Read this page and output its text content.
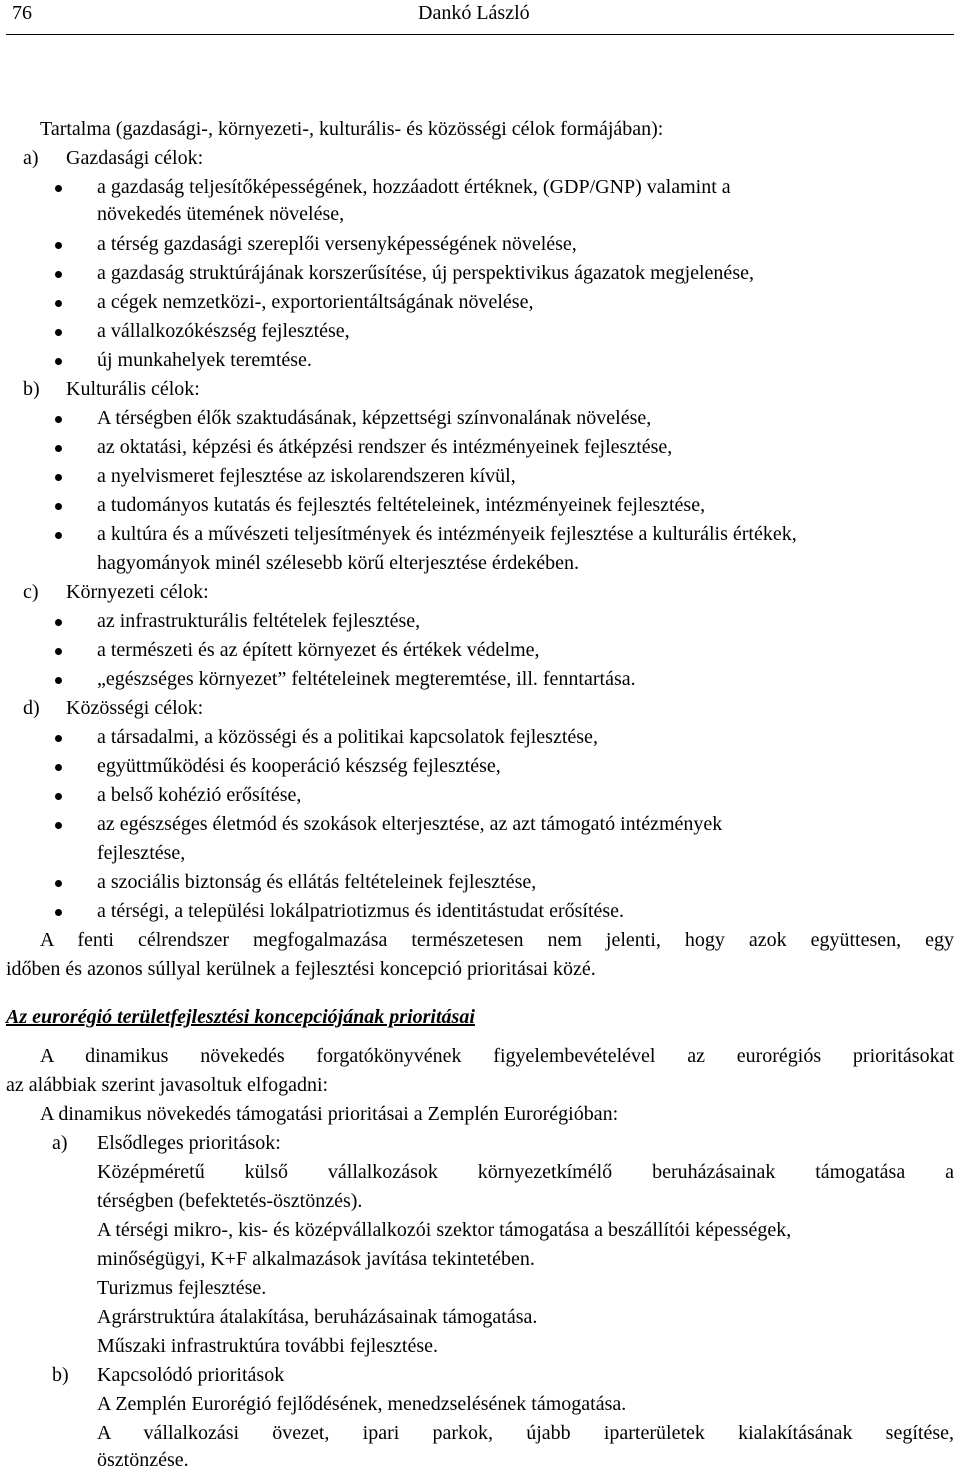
76	Dankó László
Tartalma (gazdasági-, környezeti-, kulturális- és közösségi célok formájában):
a) Gazdasági célok:
a gazdaság teljesítőképességének, hozzáadott értéknek, (GDP/GNP) valamint a
növekedés ütemének növelése,
a térség gazdasági szereplői versenyképességének növelése,
a gazdaság struktúrájának korszerűsítése, új perspektivikus ágazatok megjelenése,
a cégek nemzetközi-, exportorientáltságának növelése,
a vállalkozókészség fejlesztése,
új munkahelyek teremtése.
b) Kulturális célok:
A térségben élők szaktudásának, képzettségi színvonalának növelése,
az oktatási, képzési és átképzési rendszer és intézményeinek fejlesztése,
a nyelvismeret fejlesztése az iskolarendszeren kívül,
a tudományos kutatás és fejlesztés feltételeinek, intézményeinek fejlesztése,
a kultúra és a művészeti teljesítmények és intézményeik fejlesztése a kulturális értékek,
hagyományok minél szélesebb körű elterjesztése érdekében.
c) Környezeti célok:
az infrastrukturális feltételek fejlesztése,
a természeti és az épített környezet és értékek védelme,
„egészséges környezet” feltételeinek megteremtése, ill. fenntartása.
d) Közösségi célok:
a társadalmi, a közösségi és a politikai kapcsolatok fejlesztése,
együttműködési és kooperáció készség fejlesztése,
a belső kohézió erősítése,
az egészséges életmód és szokások elterjesztése, az azt támogató intézmények
fejlesztése,
a szociális biztonság és ellátás feltételeinek fejlesztése,
a térségi, a települési lokálpatriotizmus és identitástudat erősítése.
A fenti célrendszer megfogalmazása természetesen nem jelenti, hogy azok együttesen, egy
időben és azonos súllyal kerülnek a fejlesztési koncepció prioritásai közé.
Az eurorégió területfejlesztési koncepciójának prioritásai
A dinamikus növekedés forgatókönyvének figyelembevételével az eurorégiós prioritásokat
az alábbiak szerint javasoltuk elfogadni:
A dinamikus növekedés támogatási prioritásai a Zemplén Eurorégióban:
a) Elsődleges prioritások:
Középméretű külső vállalkozások környezetkímélő beruházásainak támogatása a
térségben (befektetés-ösztönzés).
A térségi mikro-, kis- és középvállalkozói szektor támogatása a beszállítói képességek,
minőségügyi, K+F alkalmazások javítása tekintetében.
Turizmus fejlesztése.
Agrárstruktúra átalakítása, beruházásainak támogatása.
Műszaki infrastruktúra további fejlesztése.
b) Kapcsolódó prioritások
A Zemplén Eurorégió fejlődésének, menedzselésének támogatása.
A vállalkozási övezet, ipari parkok, újabb iparterületek kialakításának segítése,
ösztönzése.
